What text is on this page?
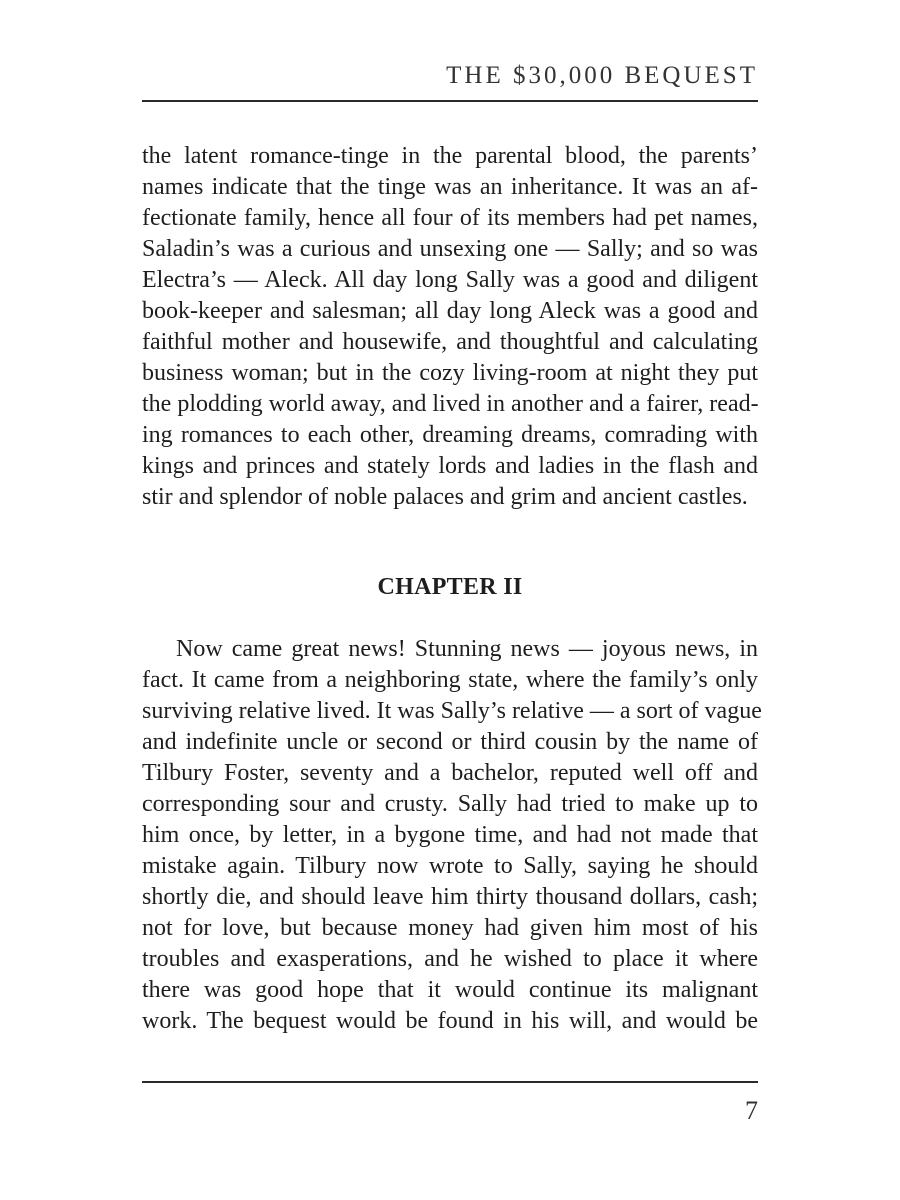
THE $30,000 BEQUEST
the latent romance-tinge in the parental blood, the parents’
names indicate that the tinge was an inheritance. It was an af-
fectionate family, hence all four of its members had pet names,
Saladin’s was a curious and unsexing one — Sally; and so was
Electra’s — Aleck. All day long Sally was a good and diligent
book-keeper and salesman; all day long Aleck was a good and
faithful mother and housewife, and thoughtful and calculating
business woman; but in the cozy living-room at night they put
the plodding world away, and lived in another and a fairer, read-
ing romances to each other, dreaming dreams, comrading with
kings and princes and stately lords and ladies in the flash and
stir and splendor of noble palaces and grim and ancient castles.
CHAPTER II
Now came great news! Stunning news — joyous news, in
fact. It came from a neighboring state, where the family’s only
surviving relative lived. It was Sally’s relative — a sort of vague
and indefinite uncle or second or third cousin by the name of
Tilbury Foster, seventy and a bachelor, reputed well off and
corresponding sour and crusty. Sally had tried to make up to
him once, by letter, in a bygone time, and had not made that
mistake again. Tilbury now wrote to Sally, saying he should
shortly die, and should leave him thirty thousand dollars, cash;
not for love, but because money had given him most of his
troubles and exasperations, and he wished to place it where
there was good hope that it would continue its malignant
work. The bequest would be found in his will, and would be
7
